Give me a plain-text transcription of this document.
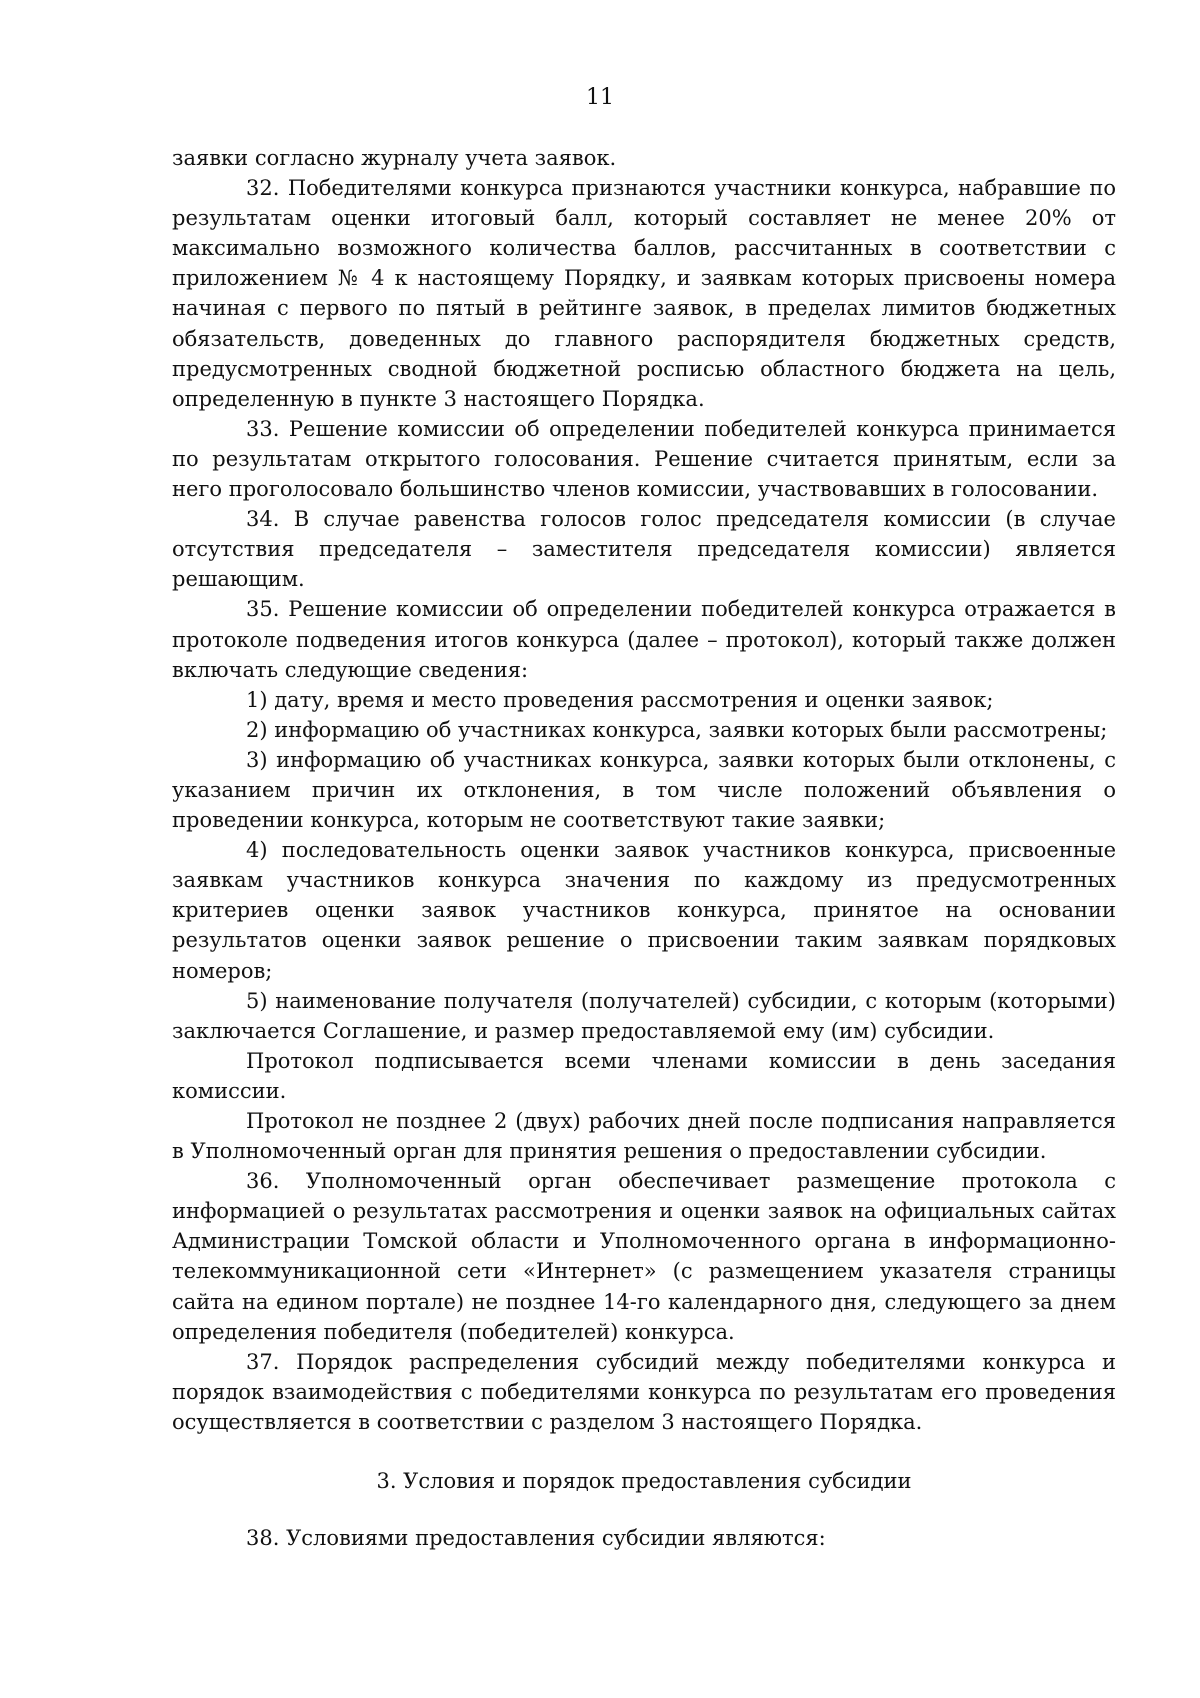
11

заявки согласно журналу учета заявок.

32. Победителями конкурса признаются участники конкурса, набравшие по результатам оценки итоговый балл, который составляет не менее 20% от максимально возможного количества баллов, рассчитанных в соответствии с приложением № 4 к настоящему Порядку, и заявкам которых присвоены номера начиная с первого по пятый в рейтинге заявок, в пределах лимитов бюджетных обязательств, доведенных до главного распорядителя бюджетных средств, предусмотренных сводной бюджетной росписью областного бюджета на цель, определенную в пункте 3 настоящего Порядка.

33. Решение комиссии об определении победителей конкурса принимается по результатам открытого голосования. Решение считается принятым, если за него проголосовало большинство членов комиссии, участвовавших в голосовании.

34. В случае равенства голосов голос председателя комиссии (в случае отсутствия председателя – заместителя председателя комиссии) является решающим.

35. Решение комиссии об определении победителей конкурса отражается в протоколе подведения итогов конкурса (далее – протокол), который также должен включать следующие сведения:

1) дату, время и место проведения рассмотрения и оценки заявок;

2) информацию об участниках конкурса, заявки которых были рассмотрены;

3) информацию об участниках конкурса, заявки которых были отклонены, с указанием причин их отклонения, в том числе положений объявления о проведении конкурса, которым не соответствуют такие заявки;

4) последовательность оценки заявок участников конкурса, присвоенные заявкам участников конкурса значения по каждому из предусмотренных критериев оценки заявок участников конкурса, принятое на основании результатов оценки заявок решение о присвоении таким заявкам порядковых номеров;

5) наименование получателя (получателей) субсидии, с которым (которыми) заключается Соглашение, и размер предоставляемой ему (им) субсидии.

Протокол подписывается всеми членами комиссии в день заседания комиссии.

Протокол не позднее 2 (двух) рабочих дней после подписания направляется в Уполномоченный орган для принятия решения о предоставлении субсидии.

36. Уполномоченный орган обеспечивает размещение протокола с информацией о результатах рассмотрения и оценки заявок на официальных сайтах Администрации Томской области и Уполномоченного органа в информационно-телекоммуникационной сети «Интернет» (с размещением указателя страницы сайта на едином портале) не позднее 14-го календарного дня, следующего за днем определения победителя (победителей) конкурса.

37. Порядок распределения субсидий между победителями конкурса и порядок взаимодействия с победителями конкурса по результатам его проведения осуществляется в соответствии с разделом 3 настоящего Порядка.

3. Условия и порядок предоставления субсидии

38. Условиями предоставления субсидии являются:
